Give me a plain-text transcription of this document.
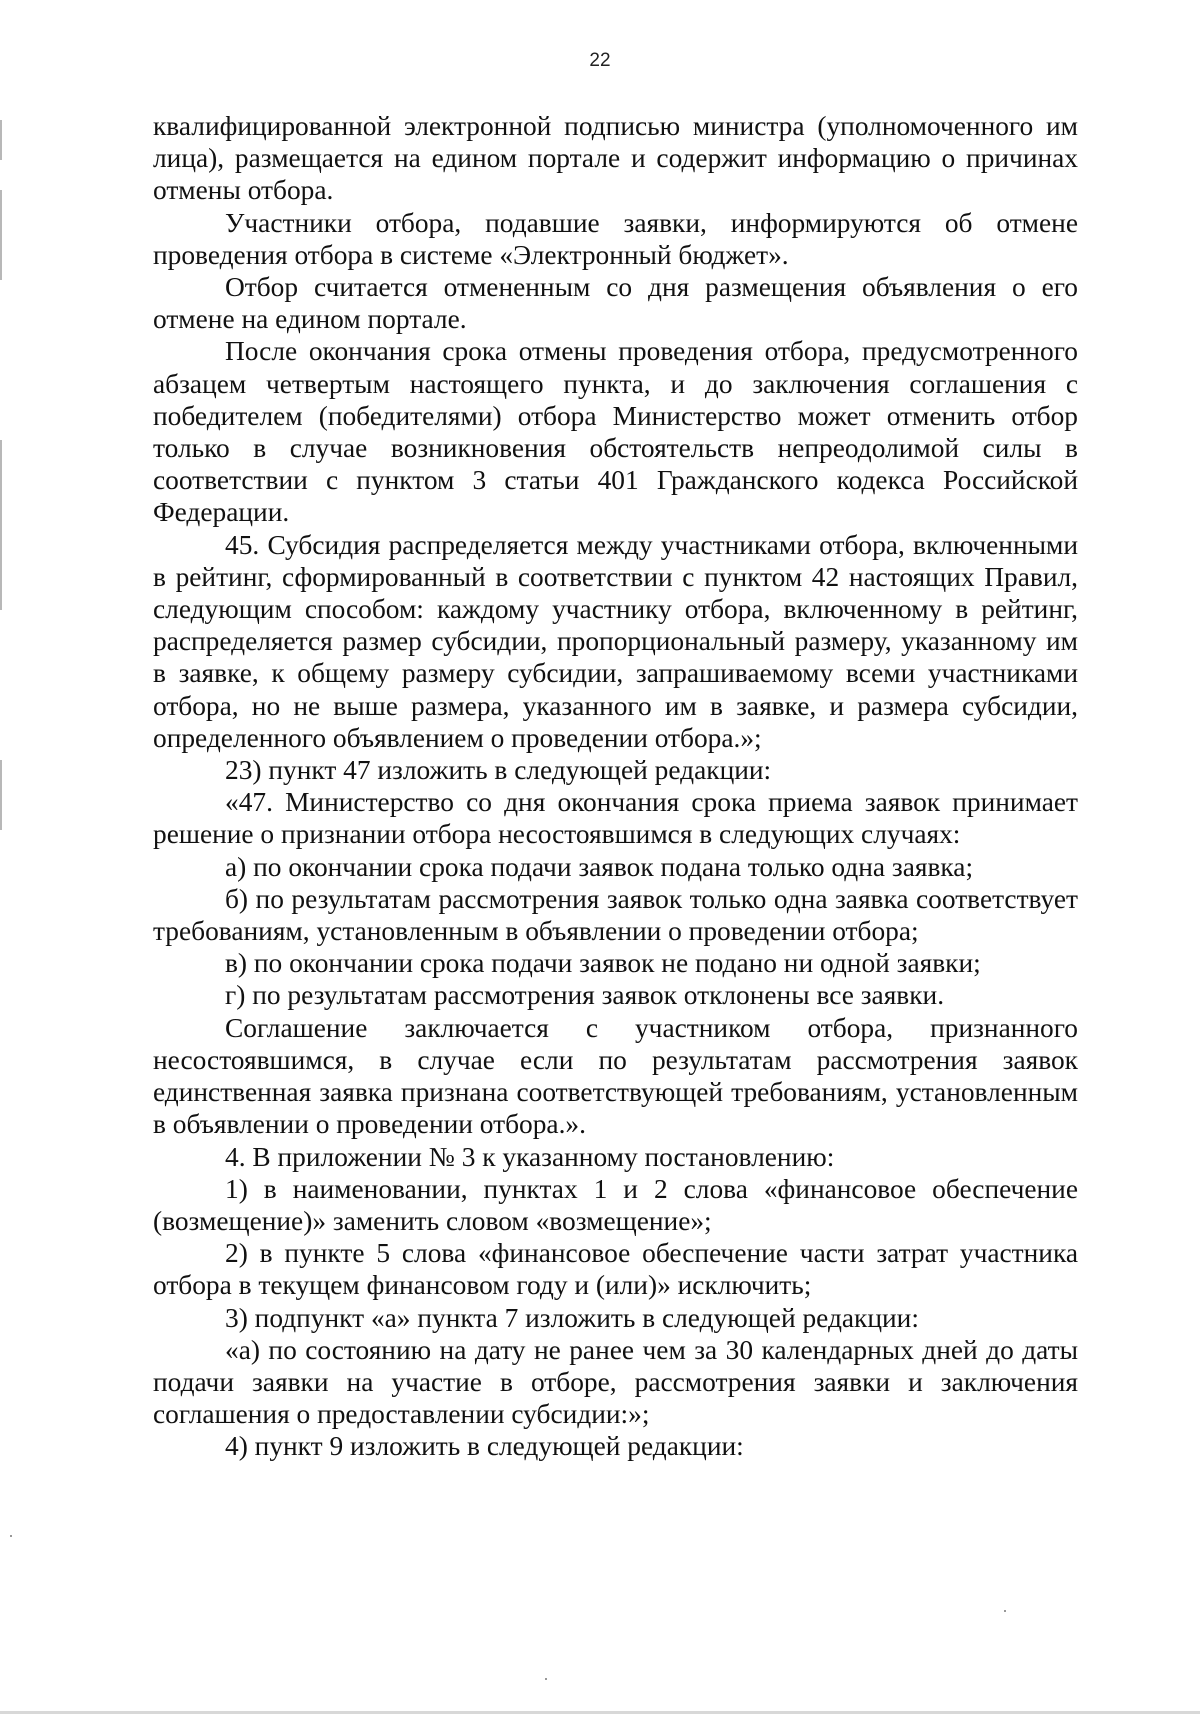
22

квалифицированной электронной подписью министра (уполномоченного им лица), размещается на едином портале и содержит информацию о причинах отмены отбора.

Участники отбора, подавшие заявки, информируются об отмене проведения отбора в системе «Электронный бюджет».

Отбор считается отмененным со дня размещения объявления о его отмене на едином портале.

После окончания срока отмены проведения отбора, предусмотренного абзацем четвертым настоящего пункта, и до заключения соглашения с победителем (победителями) отбора Министерство может отменить отбор только в случае возникновения обстоятельств непреодолимой силы в соответствии с пунктом 3 статьи 401 Гражданского кодекса Российской Федерации.

45. Субсидия распределяется между участниками отбора, включенными в рейтинг, сформированный в соответствии с пунктом 42 настоящих Правил, следующим способом: каждому участнику отбора, включенному в рейтинг, распределяется размер субсидии, пропорциональный размеру, указанному им в заявке, к общему размеру субсидии, запрашиваемому всеми участниками отбора, но не выше размера, указанного им в заявке, и размера субсидии, определенного объявлением о проведении отбора.»;

23) пункт 47 изложить в следующей редакции:

«47. Министерство со дня окончания срока приема заявок принимает решение о признании отбора несостоявшимся в следующих случаях:

а) по окончании срока подачи заявок подана только одна заявка;

б) по результатам рассмотрения заявок только одна заявка соответствует требованиям, установленным в объявлении о проведении отбора;

в) по окончании срока подачи заявок не подано ни одной заявки;

г) по результатам рассмотрения заявок отклонены все заявки.

Соглашение заключается с участником отбора, признанного несостоявшимся, в случае если по результатам рассмотрения заявок единственная заявка признана соответствующей требованиям, установленным в объявлении о проведении отбора.».

4. В приложении № 3 к указанному постановлению:

1) в наименовании, пунктах 1 и 2 слова «финансовое обеспечение (возмещение)» заменить словом «возмещение»;

2) в пункте 5 слова «финансовое обеспечение части затрат участника отбора в текущем финансовом году и (или)» исключить;

3) подпункт «а» пункта 7 изложить в следующей редакции:

«а) по состоянию на дату не ранее чем за 30 календарных дней до даты подачи заявки на участие в отборе, рассмотрения заявки и заключения соглашения о предоставлении субсидии:»;

4) пункт 9 изложить в следующей редакции:
